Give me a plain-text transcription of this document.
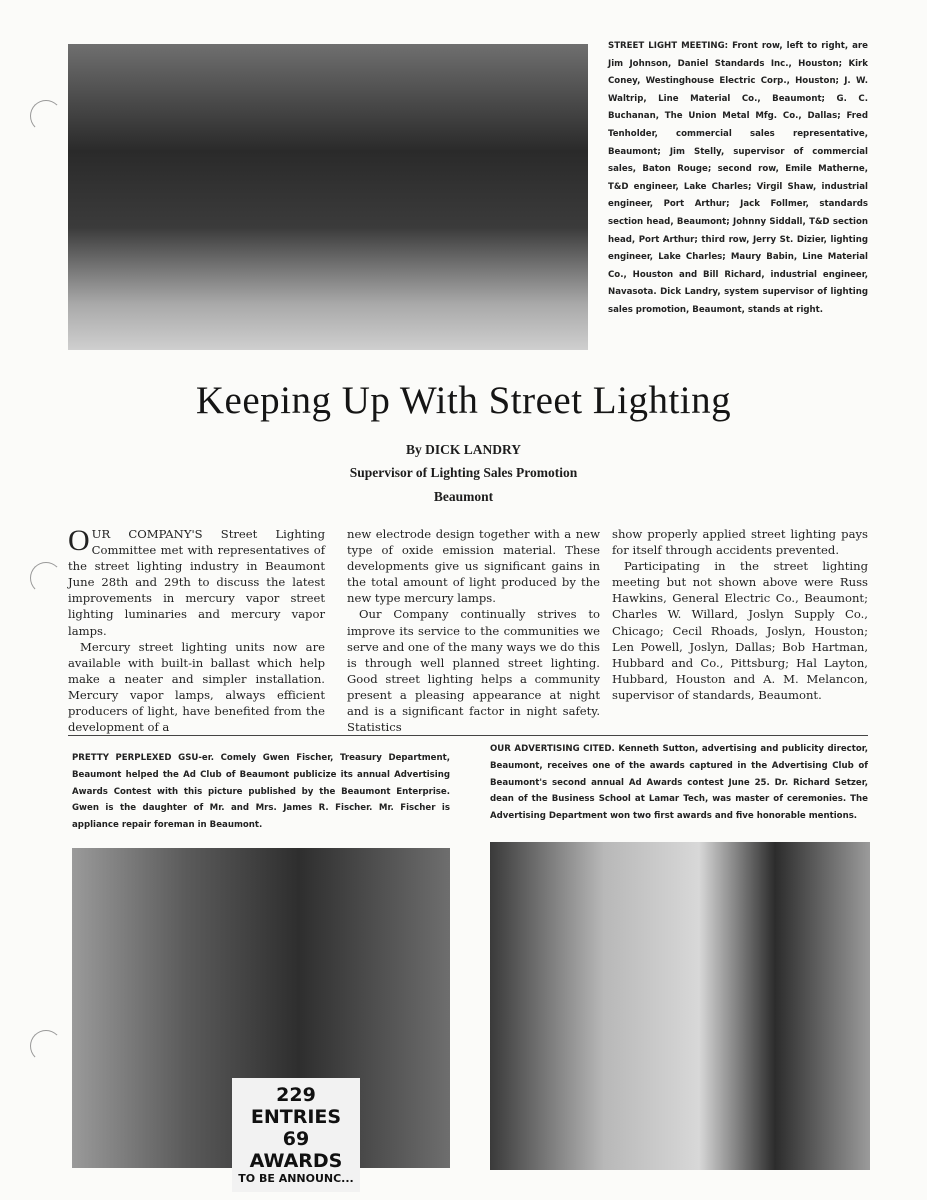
STREET LIGHT MEETING: Front row, left to right, are Jim Johnson, Daniel Standards Inc., Houston; Kirk Coney, Westinghouse Electric Corp., Houston; J. W. Waltrip, Line Material Co., Beaumont; G. C. Buchanan, The Union Metal Mfg. Co., Dallas; Fred Tenholder, commercial sales representative, Beaumont; Jim Stelly, supervisor of commercial sales, Baton Rouge; second row, Emile Matherne, T&D engineer, Lake Charles; Virgil Shaw, industrial engineer, Port Arthur; Jack Follmer, standards section head, Beaumont; Johnny Siddall, T&D section head, Port Arthur; third row, Jerry St. Dizier, lighting engineer, Lake Charles; Maury Babin, Line Material Co., Houston and Bill Richard, industrial engineer, Navasota. Dick Landry, system supervisor of lighting sales promotion, Beaumont, stands at right.
Keeping Up With Street Lighting
By DICK LANDRY
Supervisor of Lighting Sales Promotion
Beaumont

OUR COMPANY'S Street Lighting Committee met with representatives of the street lighting industry in Beaumont June 28th and 29th to discuss the latest improvements in mercury vapor street lighting luminaries and mercury vapor lamps.

Mercury street lighting units now are available with built-in ballast which help make a neater and simpler installation. Mercury vapor lamps, always efficient producers of light, have benefited from the development of a

new electrode design together with a new type of oxide emission material. These developments give us significant gains in the total amount of light produced by the new type mercury lamps.

Our Company continually strives to improve its service to the communities we serve and one of the many ways we do this is through well planned street lighting. Good street lighting helps a community present a pleasing appearance at night and is a significant factor in night safety. Statistics

show properly applied street lighting pays for itself through accidents prevented.

Participating in the street lighting meeting but not shown above were Russ Hawkins, General Electric Co., Beaumont; Charles W. Willard, Joslyn Supply Co., Chicago; Cecil Rhoads, Joslyn, Houston; Len Powell, Joslyn, Dallas; Bob Hartman, Hubbard and Co., Pittsburg; Hal Layton, Hubbard, Houston and A. M. Melancon, supervisor of standards, Beaumont.

PRETTY PERPLEXED GSU-er. Comely Gwen Fischer, Treasury Department, Beaumont helped the Ad Club of Beaumont publicize its annual Advertising Awards Contest with this picture published by the Beaumont Enterprise. Gwen is the daughter of Mr. and Mrs. James R. Fischer. Mr. Fischer is appliance repair foreman in Beaumont.
OUR ADVERTISING CITED. Kenneth Sutton, advertising and publicity director, Beaumont, receives one of the awards captured in the Advertising Club of Beaumont's second annual Ad Awards contest June 25. Dr. Richard Setzer, dean of the Business School at Lamar Tech, was master of ceremonies. The Advertising Department won two first awards and five honorable mentions.
229 ENTRIES
69 AWARDS
TO BE ANNOUNC...
